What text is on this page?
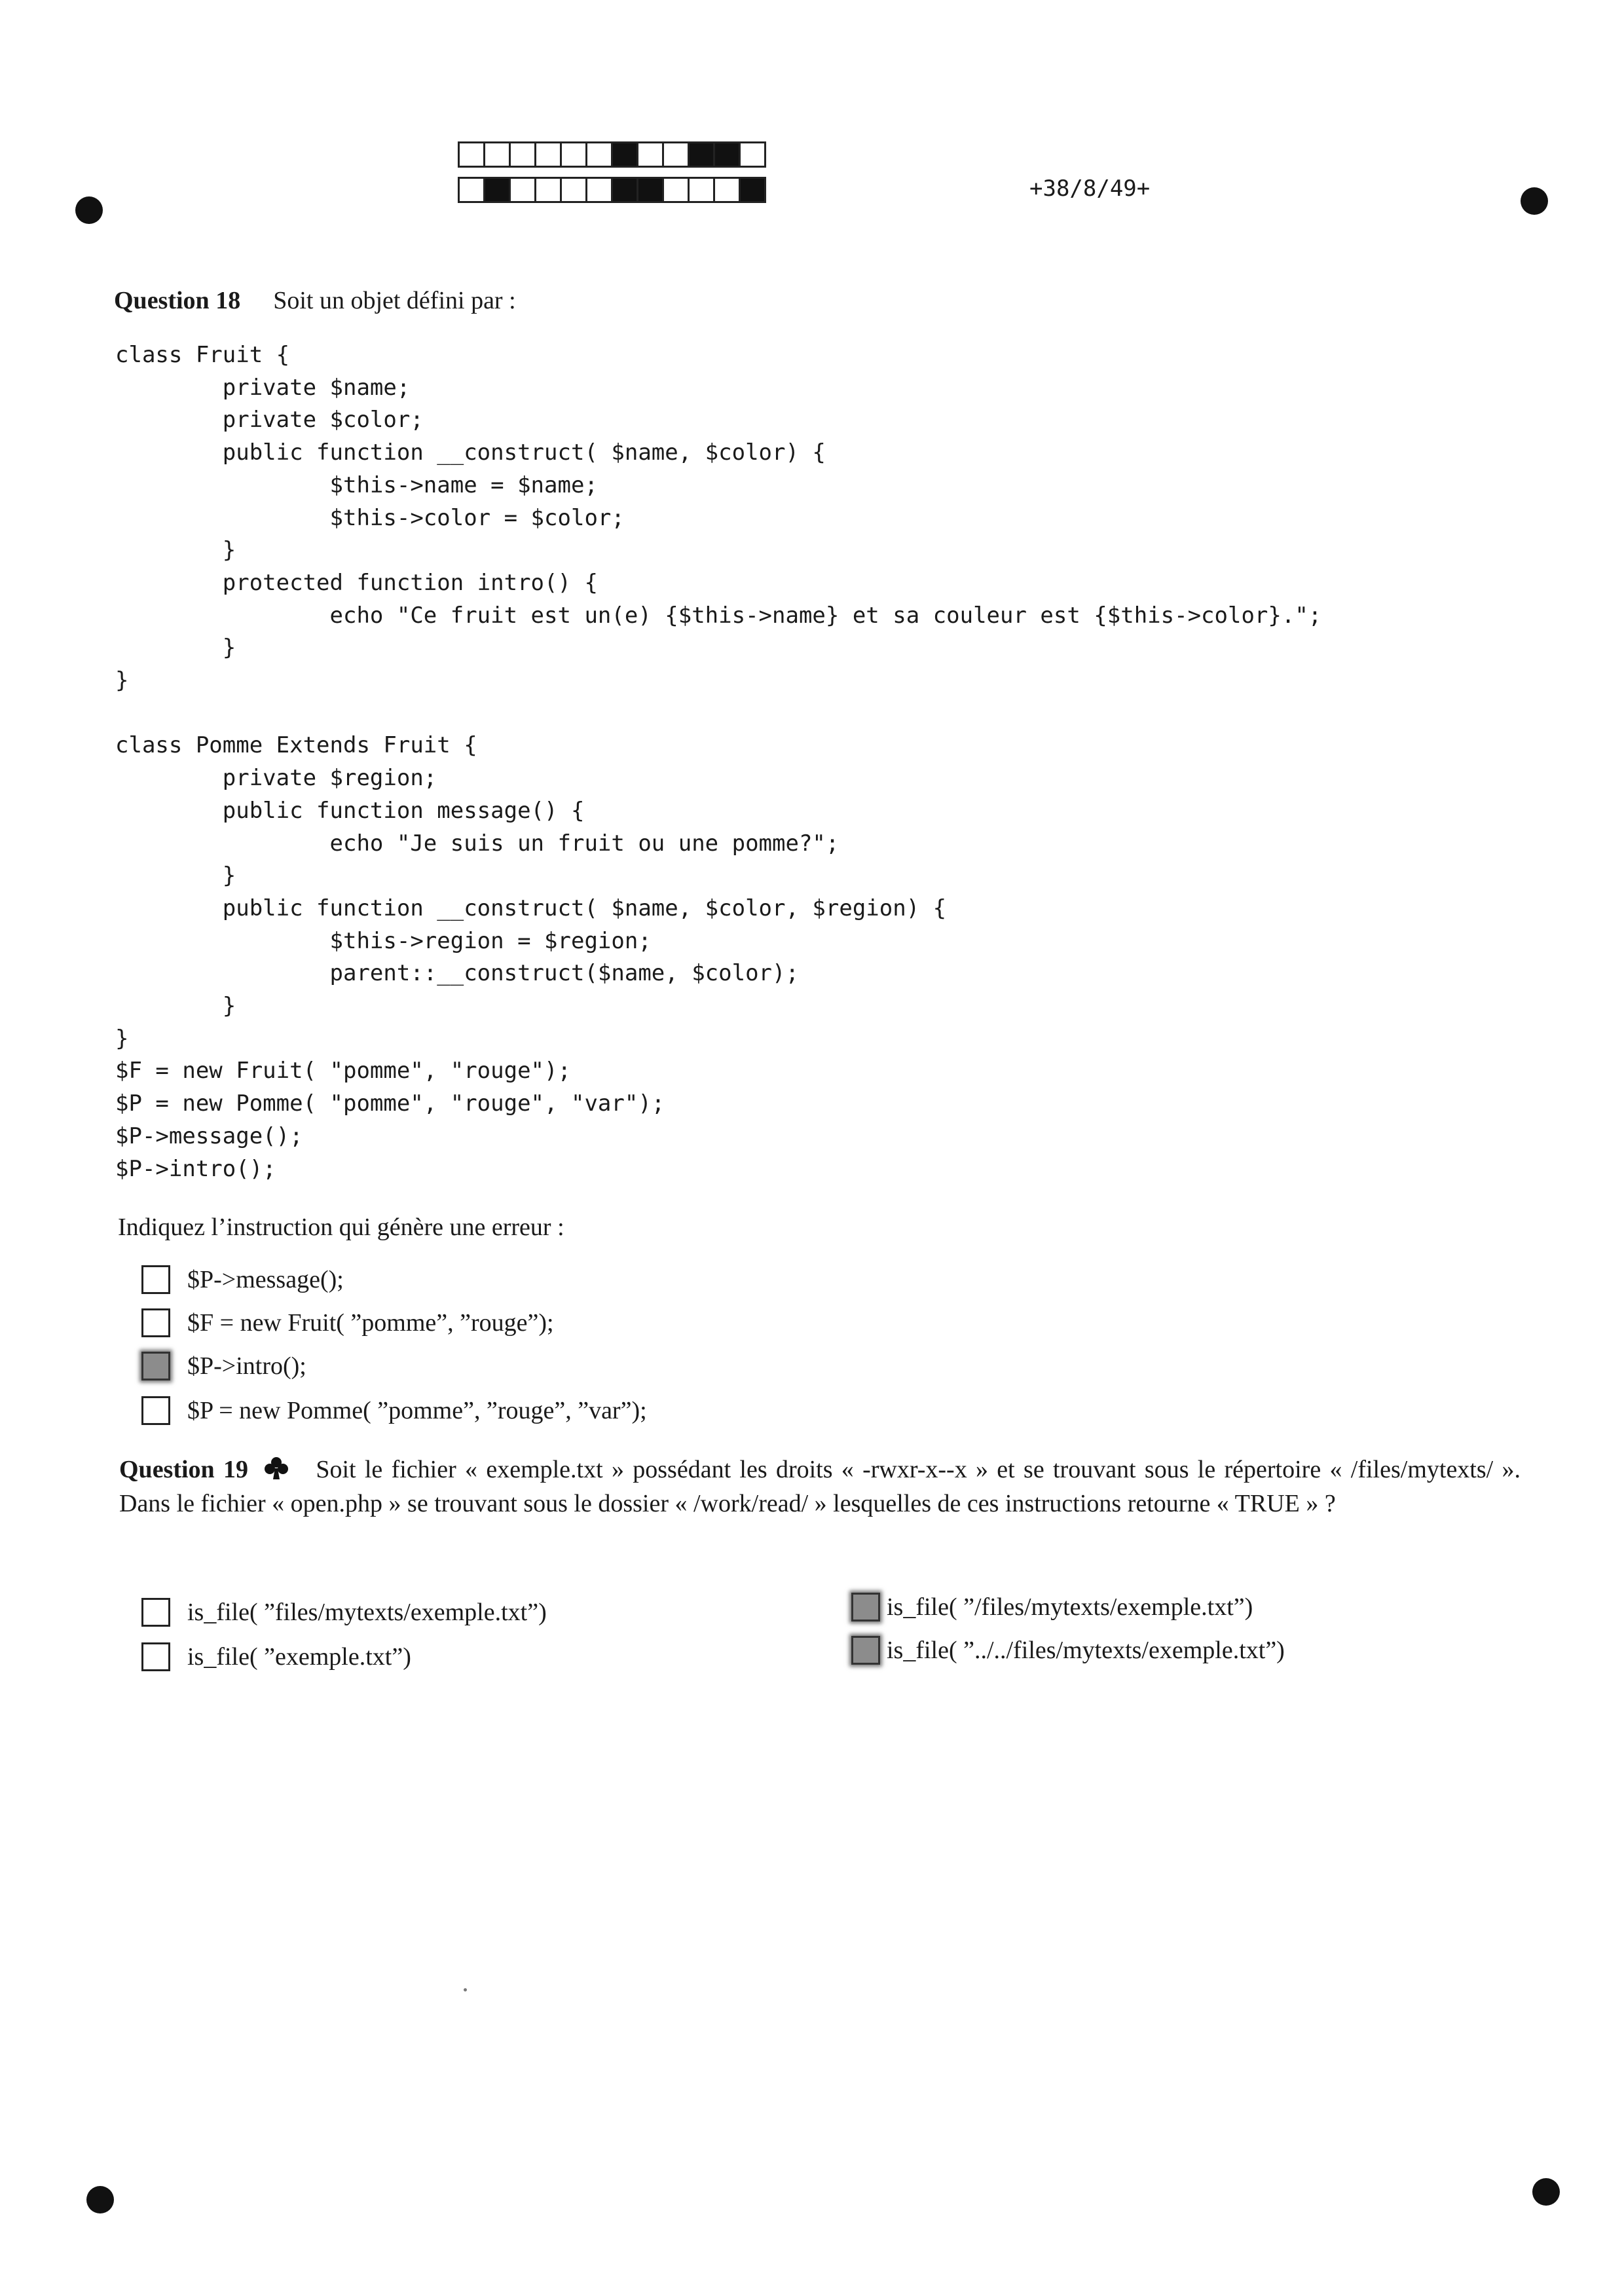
+38/8/49+
Question 18 Soit un objet défini par :
class Fruit {
private $name;
private $color;
public function __construct( $name, $color) {
$this->name = $name;
$this->color = $color;
}
protected function intro() {
echo "Ce fruit est un(e) {$this->name} et sa couleur est {$this->color}.";
}
}

class Pomme Extends Fruit {
private $region;
public function message() {
echo "Je suis un fruit ou une pomme?";
}
public function __construct( $name, $color, $region) {
$this->region = $region;
parent::__construct($name, $color);
}
}
$F = new Fruit( "pomme", "rouge");
$P = new Pomme( "pomme", "rouge", "var");
$P->message();
$P->intro();
Indiquez l’instruction qui génère une erreur :
$P->message();
$F = new Fruit( ”pomme”, ”rouge”);
$P->intro();
$P = new Pomme( ”pomme”, ”rouge”, ”var”);
Question 19	Soit le fichier « exemple.txt » possédant les droits « -rwxr-x--x » et se trouvant sous le répertoire « /files/mytexts/ ». Dans le fichier « open.php » se trouvant sous le dossier « /work/read/ » lesquelles de ces instructions retourne « TRUE » ?
is_file( ”files/mytexts/exemple.txt”)
is_file( ”exemple.txt”)
is_file( ”/files/mytexts/exemple.txt”)
is_file( ”../../files/mytexts/exemple.txt”)
